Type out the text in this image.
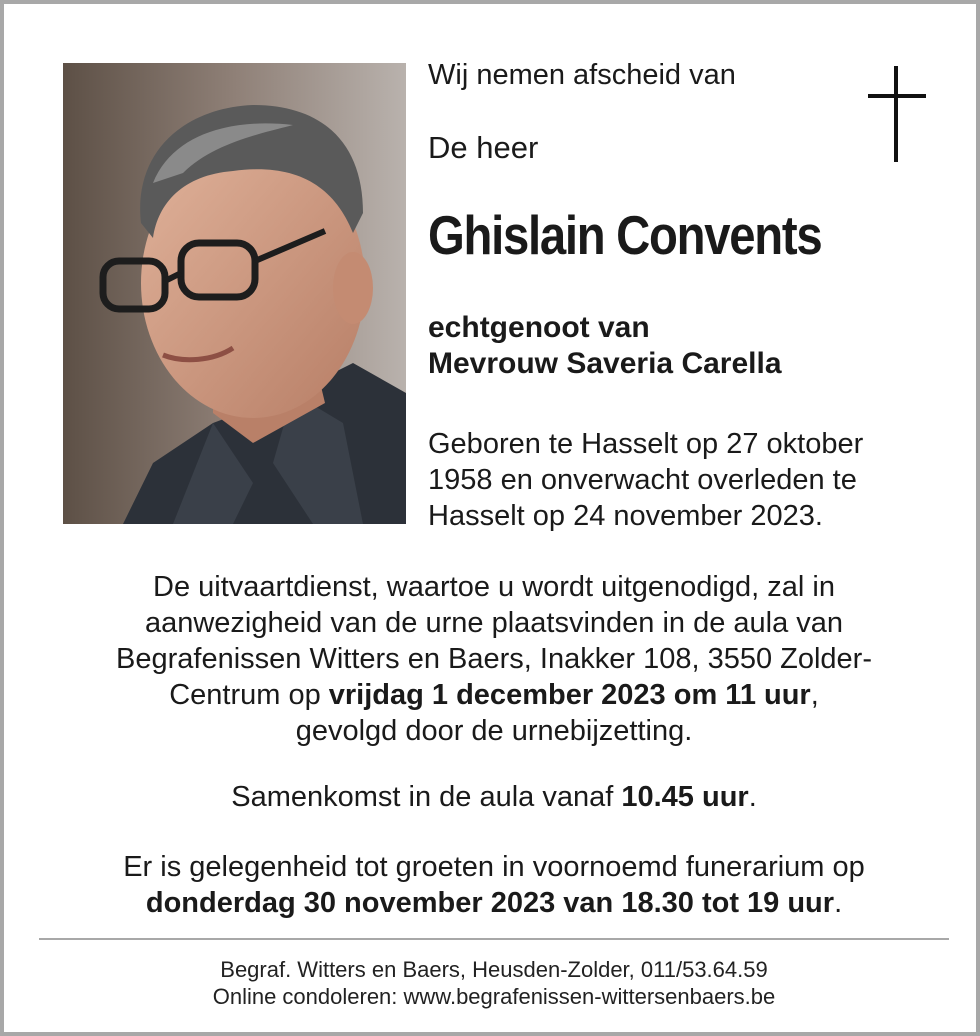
Wij nemen afscheid van
De heer
Ghislain Convents
echtgenoot van
Mevrouw Saveria Carella
Geboren te Hasselt op 27 oktober
1958 en onverwacht overleden te
Hasselt op 24 november 2023.
De uitvaartdienst, waartoe u wordt uitgenodigd, zal in
aanwezigheid van de urne plaatsvinden in de aula van
Begrafenissen Witters en Baers, Inakker 108, 3550 Zolder-
Centrum op vrijdag 1 december 2023 om 11 uur,
gevolgd door de urnebijzetting.
Samenkomst in de aula vanaf 10.45 uur.
Er is gelegenheid tot groeten in voornoemd funerarium op
donderdag 30 november 2023 van 18.30 tot 19 uur.
Begraf. Witters en Baers, Heusden-Zolder, 011/53.64.59
Online condoleren: www.begrafenissen-wittersenbaers.be
